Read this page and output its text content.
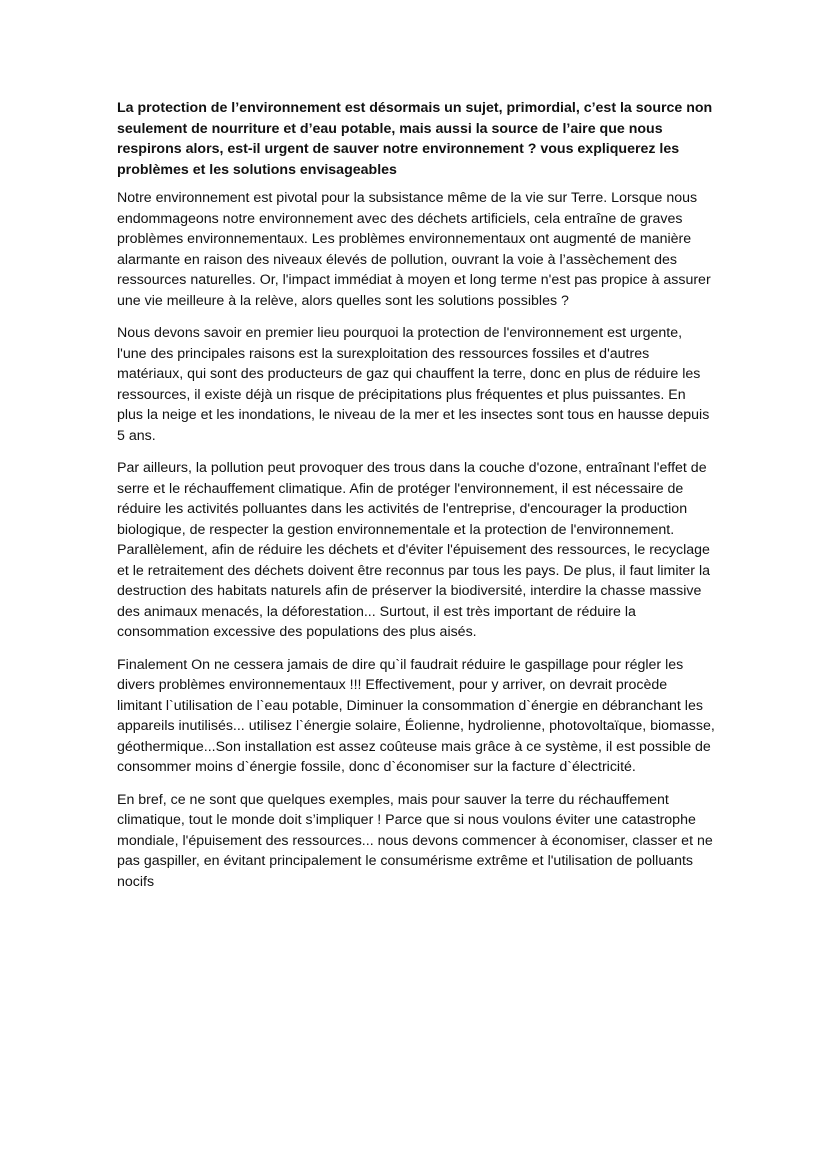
La protection de l’environnement est désormais un sujet, primordial, c’est la source non seulement de nourriture et d’eau potable, mais aussi la source de l’aire que nous respirons alors, est-il urgent de sauver notre environnement ? vous expliquerez les problèmes et les solutions envisageables

Notre environnement est pivotal pour la subsistance même de la vie sur Terre. Lorsque nous endommageons notre environnement avec des déchets artificiels, cela entraîne de graves problèmes environnementaux. Les problèmes environnementaux ont augmenté de manière alarmante en raison des niveaux élevés de pollution, ouvrant la voie à l’assèchement des ressources naturelles. Or, l'impact immédiat à moyen et long terme n'est pas propice à assurer une vie meilleure à la relève, alors quelles sont les solutions possibles ?

Nous devons savoir en premier lieu pourquoi la protection de l'environnement est urgente, l'une des principales raisons est la surexploitation des ressources fossiles et d'autres matériaux, qui sont des producteurs de gaz qui chauffent la terre, donc en plus de réduire les ressources, il existe déjà un risque de précipitations plus fréquentes et plus puissantes. En plus la neige et les inondations, le niveau de la mer et les insectes sont tous en hausse depuis 5 ans.

Par ailleurs, la pollution peut provoquer des trous dans la couche d'ozone, entraînant l'effet de serre et le réchauffement climatique. Afin de protéger l'environnement, il est nécessaire de réduire les activités polluantes dans les activités de l'entreprise, d'encourager la production biologique, de respecter la gestion environnementale et la protection de l'environnement. Parallèlement, afin de réduire les déchets et d'éviter l'épuisement des ressources, le recyclage et le retraitement des déchets doivent être reconnus par tous les pays. De plus, il faut limiter la destruction des habitats naturels afin de préserver la biodiversité, interdire la chasse massive des animaux menacés, la déforestation... Surtout, il est très important de réduire la consommation excessive des populations des plus aisés.

Finalement On ne cessera jamais de dire qu`il faudrait réduire le gaspillage pour régler les divers problèmes environnementaux !!! Effectivement, pour y arriver, on devrait procède limitant l`utilisation de l`eau potable, Diminuer la consommation d`énergie en débranchant les appareils inutilisés... utilisez l`énergie solaire, Éolienne, hydrolienne, photovoltaïque, biomasse, géothermique...Son installation est assez coûteuse mais grâce à ce système, il est possible de consommer moins d`énergie fossile, donc d`économiser sur la facture d`électricité.

En bref, ce ne sont que quelques exemples, mais pour sauver la terre du réchauffement climatique, tout le monde doit s’impliquer ! Parce que si nous voulons éviter une catastrophe mondiale, l'épuisement des ressources... nous devons commencer à économiser, classer et ne pas gaspiller, en évitant principalement le consumérisme extrême et l'utilisation de polluants nocifs
